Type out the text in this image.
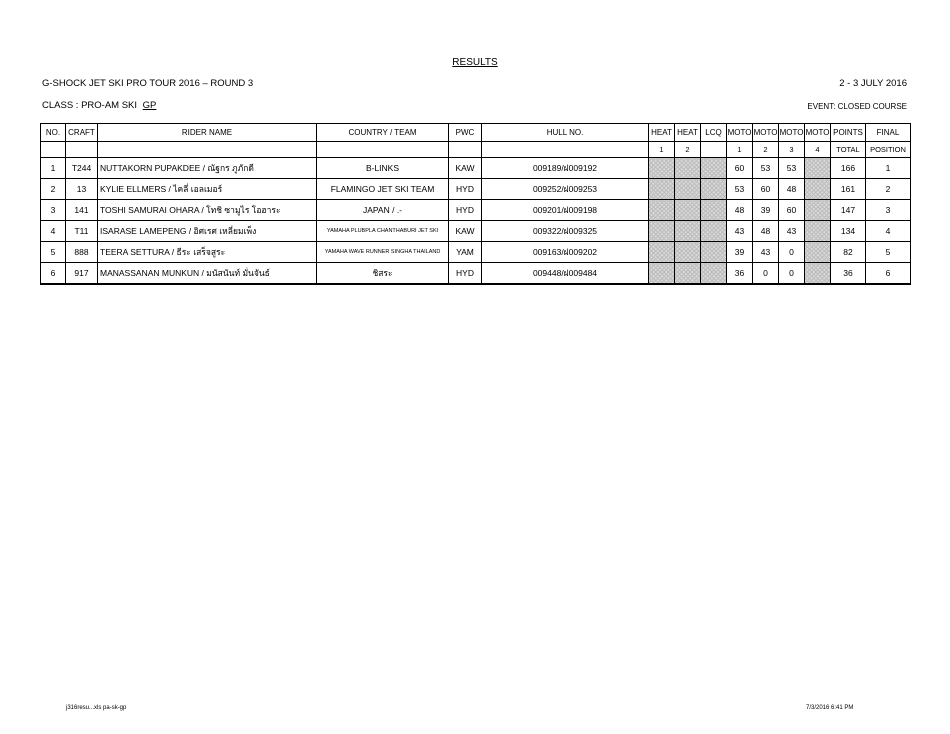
RESULTS
G-SHOCK JET SKI PRO TOUR 2016 – ROUND 3	2 - 3 JULY 2016
CLASS : PRO-AM SKI GP	EVENT: CLOSED COURSE
NO.	CRAFT	RIDER NAME	COUNTRY / TEAM	PWC	HULL NO.	HEAT	HEAT	LCQ	MOTO	MOTO	MOTO	MOTO	POINTS	FINAL
						1	2		1	2	3	4	TOTAL	POSITION
1	T244	NUTTAKORN PUPAKDEE / ณัฐกร ภูภักดี	B-LINKS	KAW	009189/ฝ009192				60	53	53		166	1
2	13	KYLIE ELLMERS / ไคลี่ เอลเมอร์	FLAMINGO JET SKI TEAM	HYD	009252/ฝ009253				53	60	48		161	2
3	141	TOSHI SAMURAI OHARA / โทชิ ซามูไร โอฮาระ	JAPAN / .-	HYD	009201/ฝ009198				48	39	60		147	3
4	T11	ISARASE LAMEPENG / อิศเรศ เหลี่ยมเพ็ง	YAMAHA PLUBPLA CHANTHABURI JET SKI	KAW	009322/ฝ009325				43	48	43		134	4
5	888	TEERA SETTURA / ธีระ เสร็จสูระ	YAMAHA WAVE RUNNER SINGHA THAILAND	YAM	009163/ฝ009202				39	43	0		82	5
6	917	MANASSANAN MUNKUN / มนัสนันท์ มั่นจันธ์	ชิสระ	HYD	009448/ฝ009484				36	0	0		36	6
j316resu...xls pa-sk-gp	7/3/2016 6:41 PM
